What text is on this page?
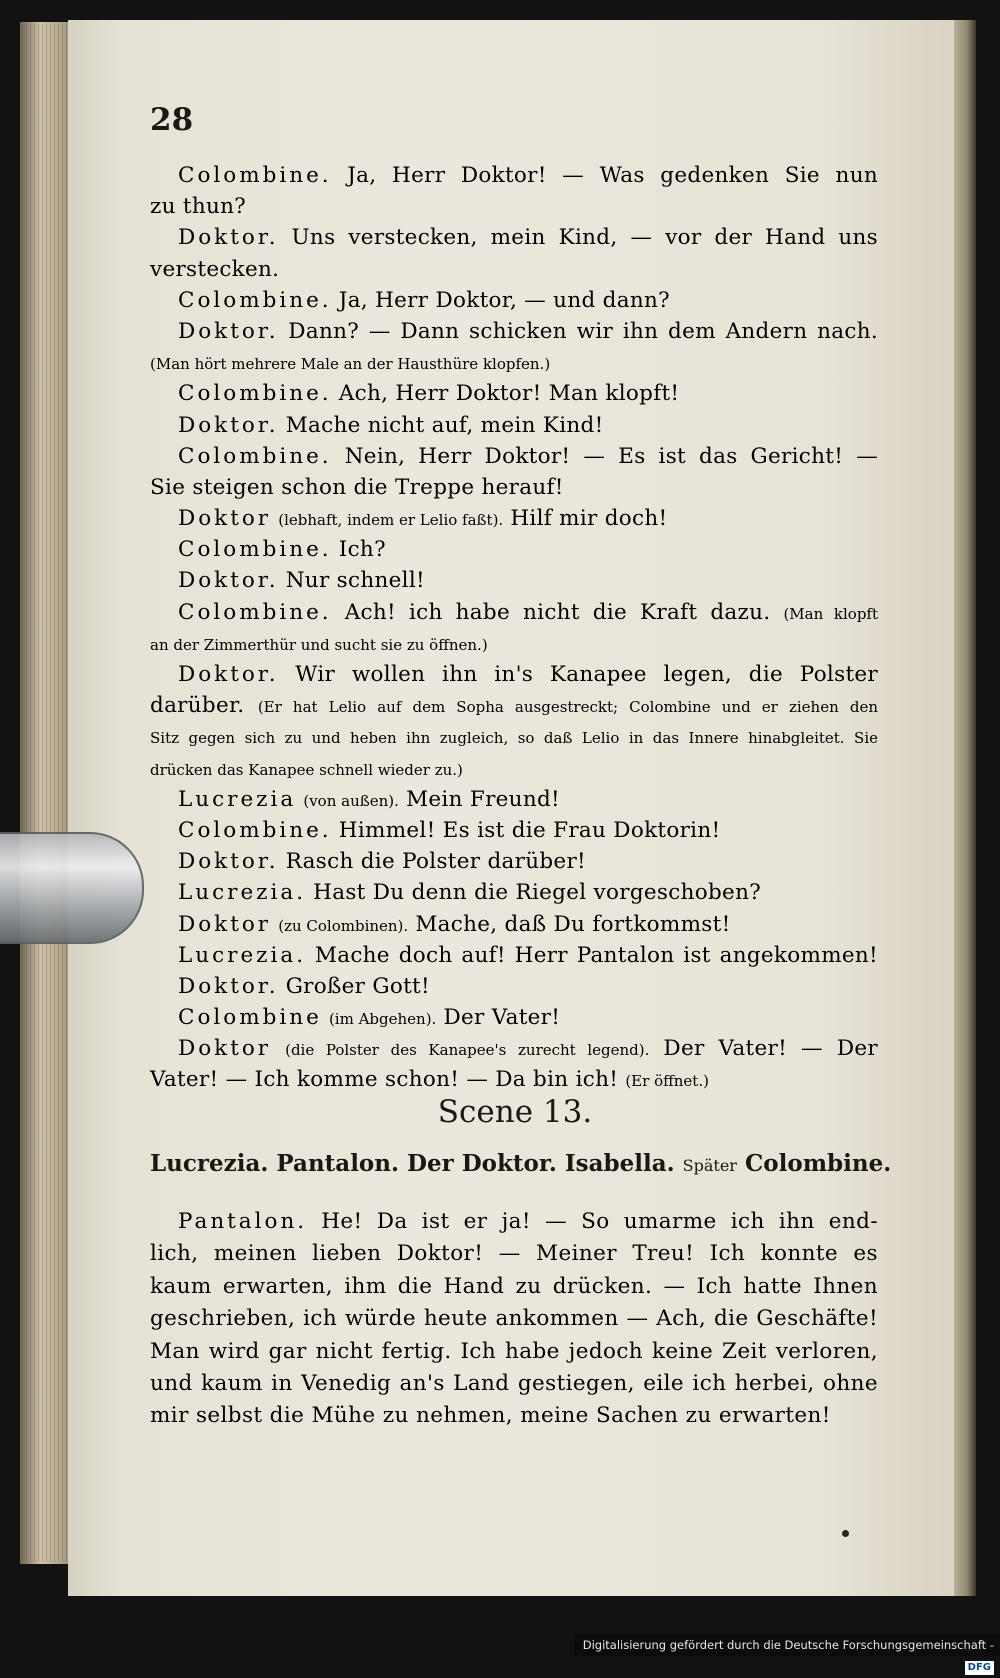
28
Colombine. Ja, Herr Doktor! — Was gedenken Sie nun
zu thun?
Doktor. Uns verstecken, mein Kind, — vor der Hand uns
verstecken.
Colombine. Ja, Herr Doktor, — und dann?
Doktor. Dann? — Dann schicken wir ihn dem Andern nach.
(Man hört mehrere Male an der Hausthüre klopfen.)
Colombine. Ach, Herr Doktor! Man klopft!
Doktor. Mache nicht auf, mein Kind!
Colombine. Nein, Herr Doktor! — Es ist das Gericht! —
Sie steigen schon die Treppe herauf!
Doktor (lebhaft, indem er Lelio faßt). Hilf mir doch!
Colombine. Ich?
Doktor. Nur schnell!
Colombine. Ach! ich habe nicht die Kraft dazu. (Man klopft
an der Zimmerthür und sucht sie zu öffnen.)
Doktor. Wir wollen ihn in's Kanapee legen, die Polster
darüber. (Er hat Lelio auf dem Sopha ausgestreckt; Colombine und er ziehen den
Sitz gegen sich zu und heben ihn zugleich, so daß Lelio in das Innere hinabgleitet. Sie
drücken das Kanapee schnell wieder zu.)
Lucrezia (von außen). Mein Freund!
Colombine. Himmel! Es ist die Frau Doktorin!
Doktor. Rasch die Polster darüber!
Lucrezia. Hast Du denn die Riegel vorgeschoben?
Doktor (zu Colombinen). Mache, daß Du fortkommst!
Lucrezia. Mache doch auf! Herr Pantalon ist angekommen!
Doktor. Großer Gott!
Colombine (im Abgehen). Der Vater!
Doktor (die Polster des Kanapee's zurecht legend). Der Vater! — Der
Vater! — Ich komme schon! — Da bin ich! (Er öffnet.)
Scene 13.
Lucrezia. Pantalon. Der Doktor. Isabella. Später Colombine.
Pantalon. He! Da ist er ja! — So umarme ich ihn end-
lich, meinen lieben Doktor! — Meiner Treu! Ich konnte es
kaum erwarten, ihm die Hand zu drücken. — Ich hatte Ihnen
geschrieben, ich würde heute ankommen — Ach, die Geschäfte!
Man wird gar nicht fertig. Ich habe jedoch keine Zeit verloren,
und kaum in Venedig an's Land gestiegen, eile ich herbei, ohne
mir selbst die Mühe zu nehmen, meine Sachen zu erwarten!
Digitalisierung gefördert durch die Deutsche Forschungsgemeinschaft - DFG
